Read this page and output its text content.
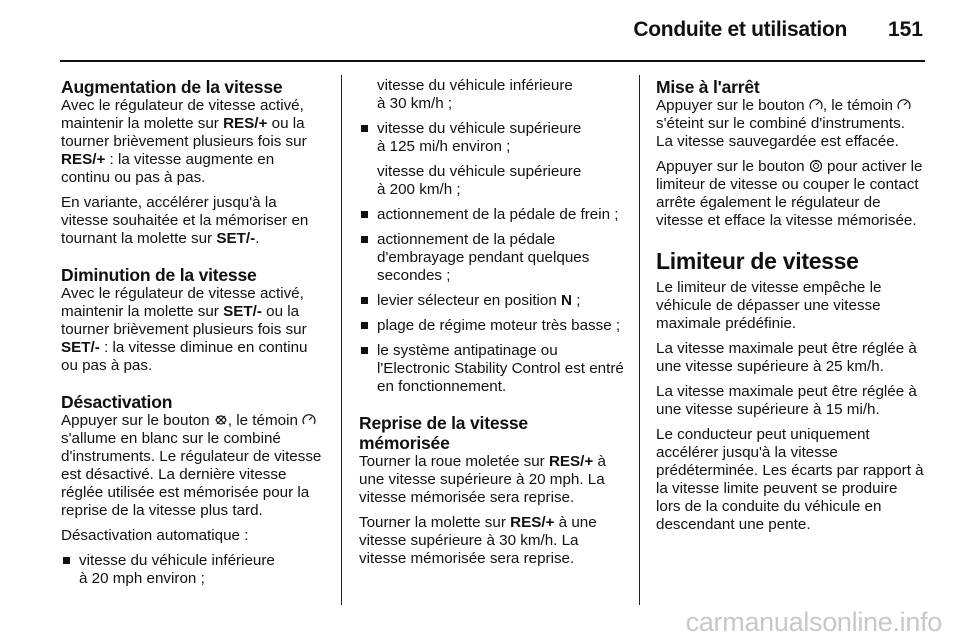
Conduite et utilisation 151
Augmentation de la vitesse

Avec le régulateur de vitesse activé, maintenir la molette sur RES/+ ou la tourner brièvement plusieurs fois sur RES/+ : la vitesse augmente en continu ou pas à pas.

En variante, accélérer jusqu'à la vitesse souhaitée et la mémoriser en tournant la molette sur SET/-.

Diminution de la vitesse

Avec le régulateur de vitesse activé, maintenir la molette sur SET/- ou la tourner brièvement plusieurs fois sur SET/- : la vitesse diminue en continu ou pas à pas.

Désactivation

Appuyer sur le bouton
, le témoin
s'allume en blanc sur le combiné d'instruments. Le régulateur de vitesse est désactivé. La dernière vitesse réglée utilisée est mémorisée pour la reprise de la vitesse plus tard.

Désactivation automatique :

vitesse du véhicule inférieure
à 20 mph environ ;
vitesse du véhicule inférieure
à 30 km/h ;
vitesse du véhicule supérieure
à 125 mi/h environ ;
vitesse du véhicule supérieure
à 200 km/h ;
actionnement de la pédale de frein ;
actionnement de la pédale d'embrayage pendant quelques secondes ;
levier sélecteur en position N ;
plage de régime moteur très basse ;
le système antipatinage ou l'Electronic Stability Control est entré en fonctionnement.
Reprise de la vitesse
mémorisée

Tourner la roue moletée sur RES/+ à une vitesse supérieure à 20 mph. La vitesse mémorisée sera reprise.

Tourner la molette sur RES/+ à une vitesse supérieure à 30 km/h. La vitesse mémorisée sera reprise.

Mise à l'arrêt

Appuyer sur le bouton
, le témoin
s'éteint sur le combiné d'instruments. La vitesse sauvegardée est effacée.

Appuyer sur le bouton
pour activer le limiteur de vitesse ou couper le contact arrête également le régulateur de vitesse et efface la vitesse mémorisée.

Limiteur de vitesse

Le limiteur de vitesse empêche le véhicule de dépasser une vitesse maximale prédéfinie.

La vitesse maximale peut être réglée à une vitesse supérieure à 25 km/h.

La vitesse maximale peut être réglée à une vitesse supérieure à 15 mi/h.

Le conducteur peut uniquement accélérer jusqu'à la vitesse prédéterminée. Les écarts par rapport à la vitesse limite peuvent se produire lors de la conduite du véhicule en descendant une pente.

carmanualsonline.info
